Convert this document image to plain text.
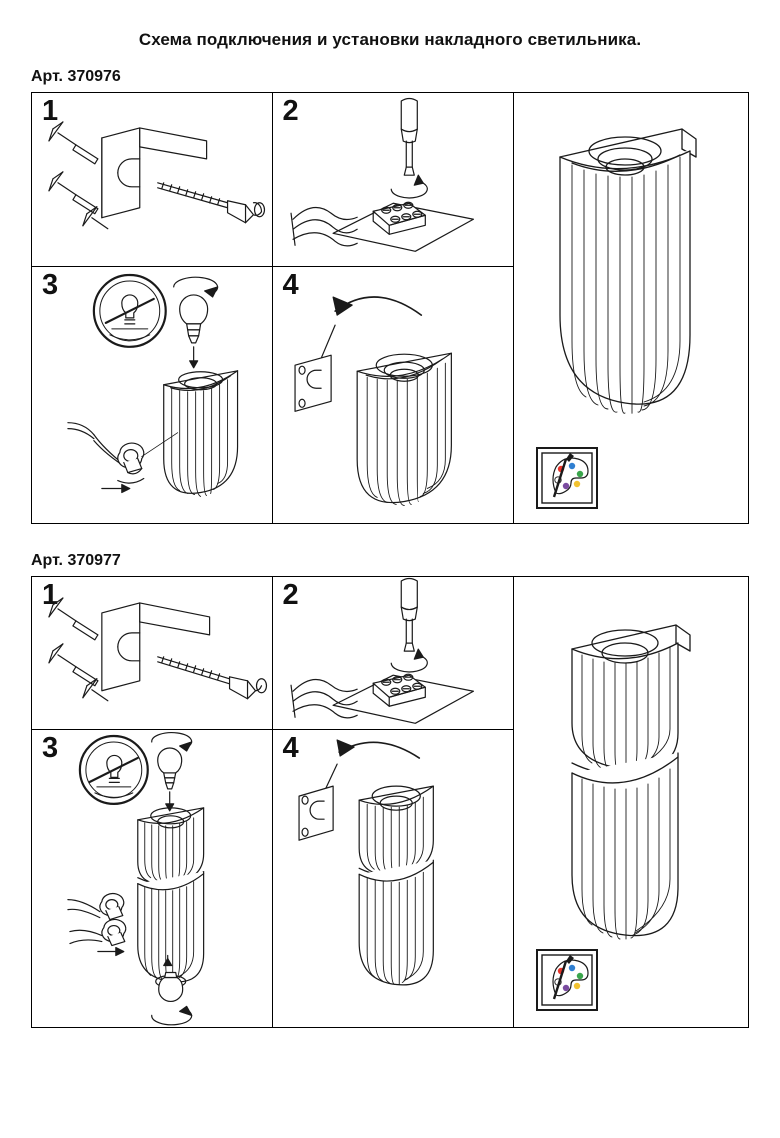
Схема подключения и установки накладного светильника.
Арт. 370976
1	2
3	4
Арт. 370977
1	2
3	4
